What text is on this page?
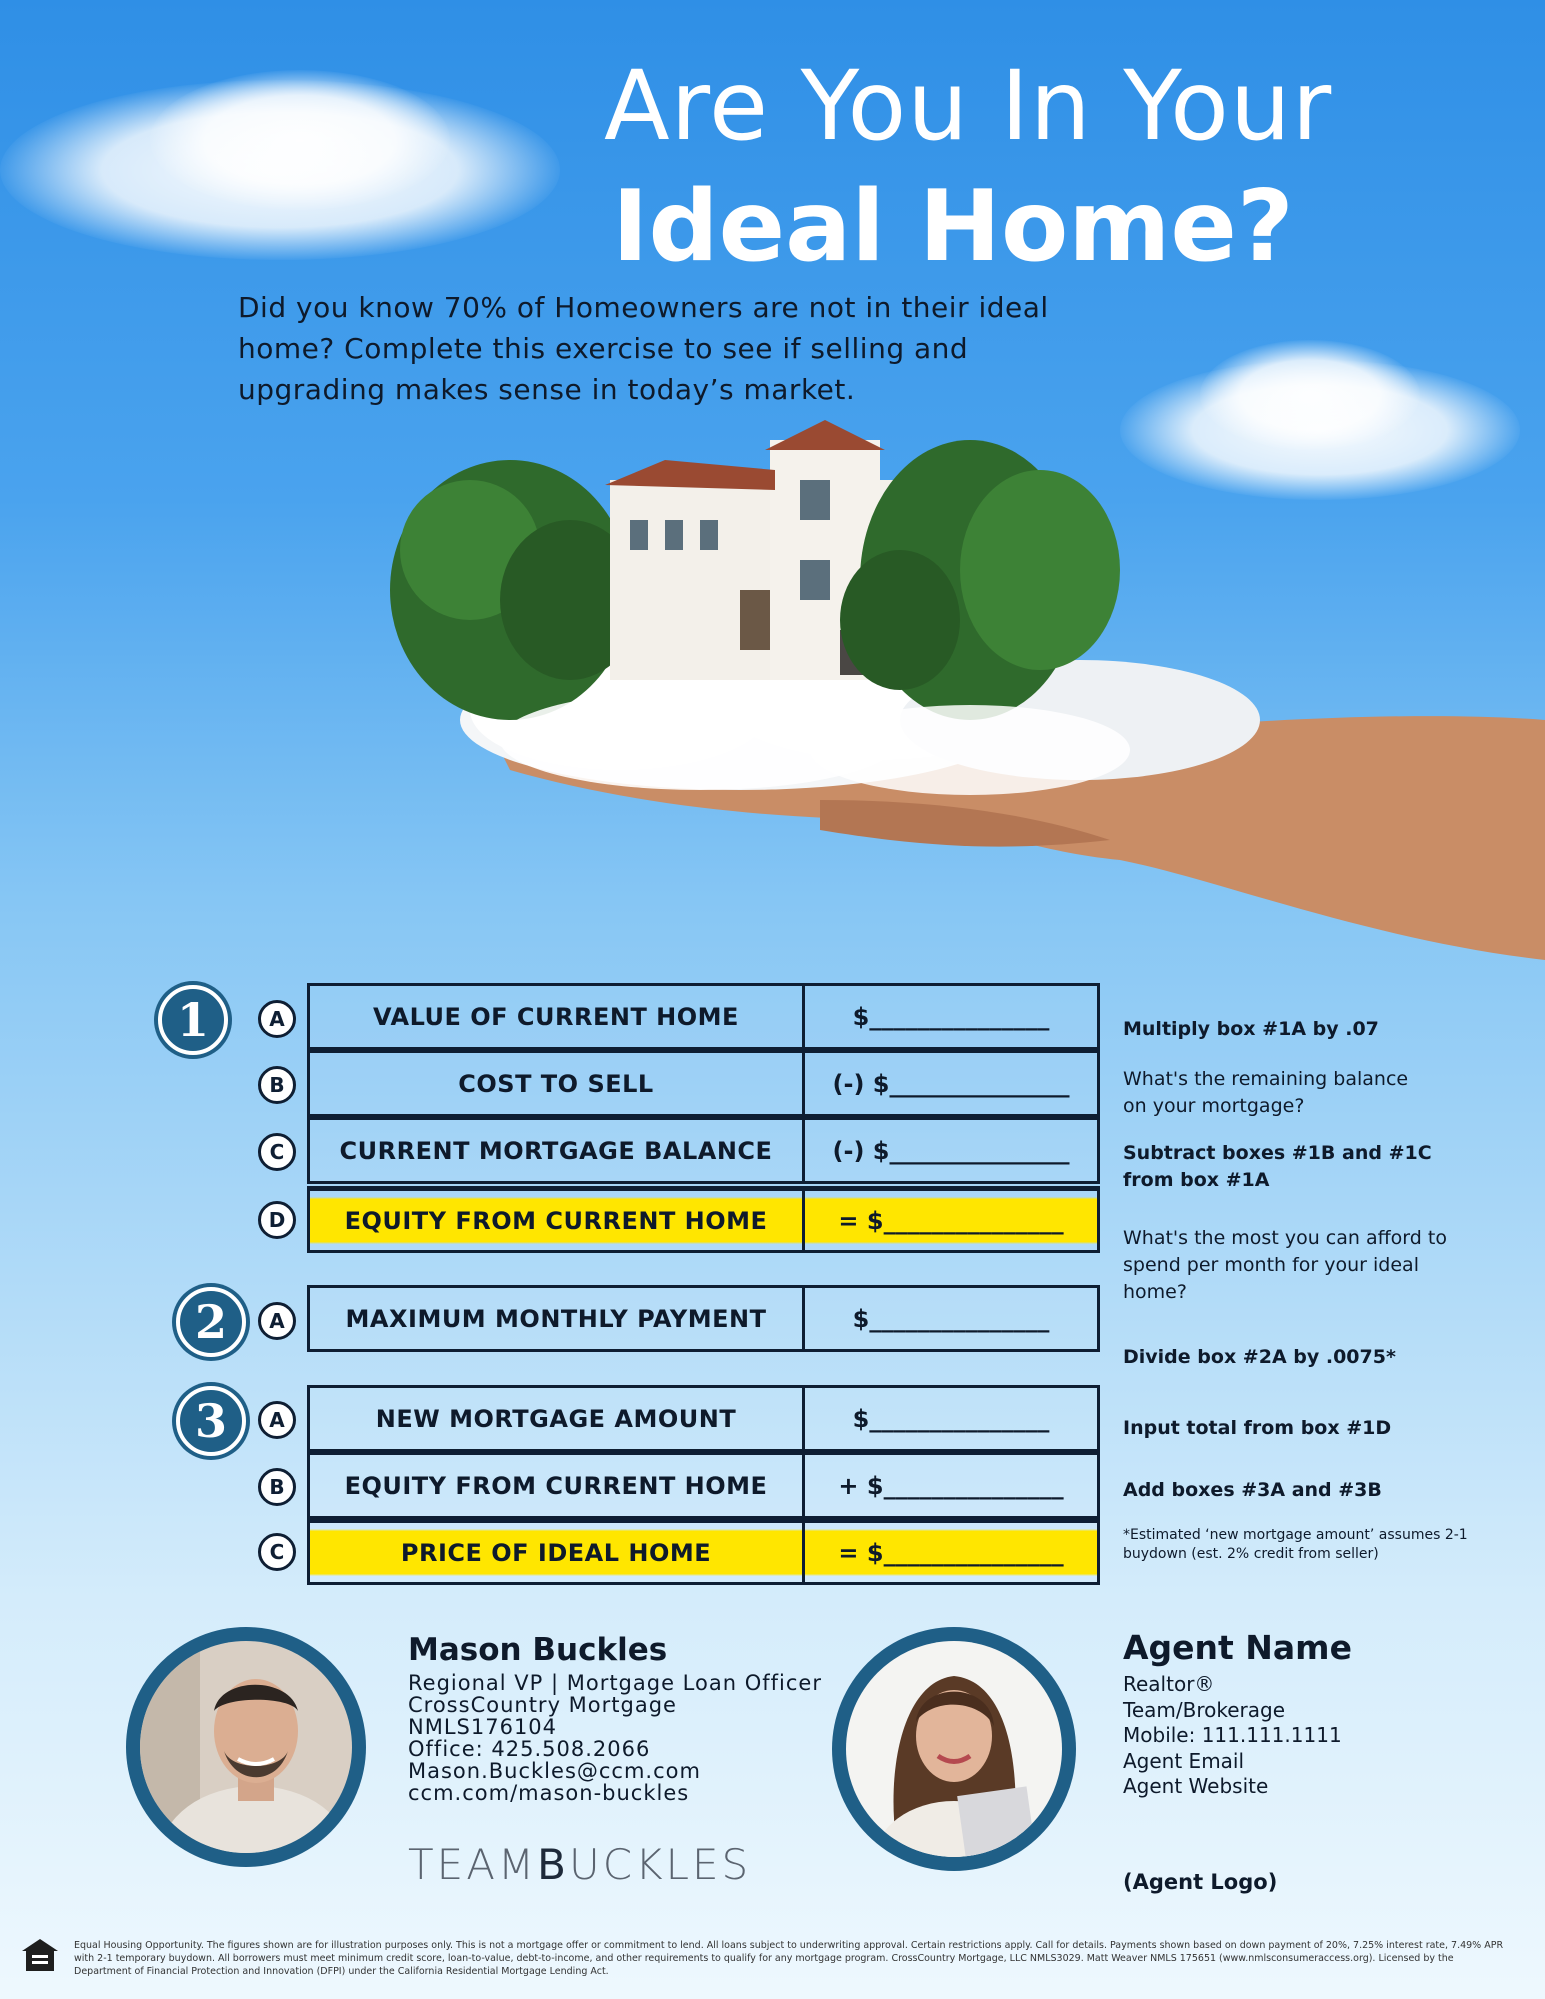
Are You In Your
Ideal Home?
Did you know 70% of Homeowners are not in their ideal home? Complete this exercise to see if selling and upgrading makes sense in today’s market.
1
2
3
A
B
C
D
A
A
B
C
VALUE OF CURRENT HOME	$_______________
COST TO SELL	(-) $_______________
CURRENT MORTGAGE BALANCE	(-) $_______________
EQUITY FROM CURRENT HOME	= $_______________
MAXIMUM MONTHLY PAYMENT	$_______________
NEW MORTGAGE AMOUNT	$_______________
EQUITY FROM CURRENT HOME	+ $_______________
PRICE OF IDEAL HOME	= $_______________
Multiply box #1A by .07
What's the remaining balance on your mortgage?
Subtract boxes #1B and #1C from box #1A
What's the most you can afford to spend per month for your ideal home?
Divide box #2A by .0075*
Input total from box #1D
Add boxes #3A and #3B
*Estimated ‘new mortgage amount’ assumes 2-1 buydown (est. 2% credit from seller)
Mason Buckles
Regional VP | Mortgage Loan Officer
CrossCountry Mortgage
NMLS176104
Office: 425.508.2066
Mason.Buckles@ccm.com
ccm.com/mason-buckles
TEAMBUCKLES
Agent Name
Realtor®
Team/Brokerage
Mobile: 111.111.1111
Agent Email
Agent Website
(Agent Logo)
Equal Housing Opportunity. The figures shown are for illustration purposes only. This is not a mortgage offer or commitment to lend. All loans subject to underwriting approval. Certain restrictions apply. Call for details. Payments shown based on down payment of 20%, 7.25% interest rate, 7.49% APR with 2-1 temporary buydown. All borrowers must meet minimum credit score, loan-to-value, debt-to-income, and other requirements to qualify for any mortgage program. CrossCountry Mortgage, LLC NMLS3029. Matt Weaver NMLS 175651 (www.nmlsconsumeraccess.org). Licensed by the Department of Financial Protection and Innovation (DFPI) under the California Residential Mortgage Lending Act.
